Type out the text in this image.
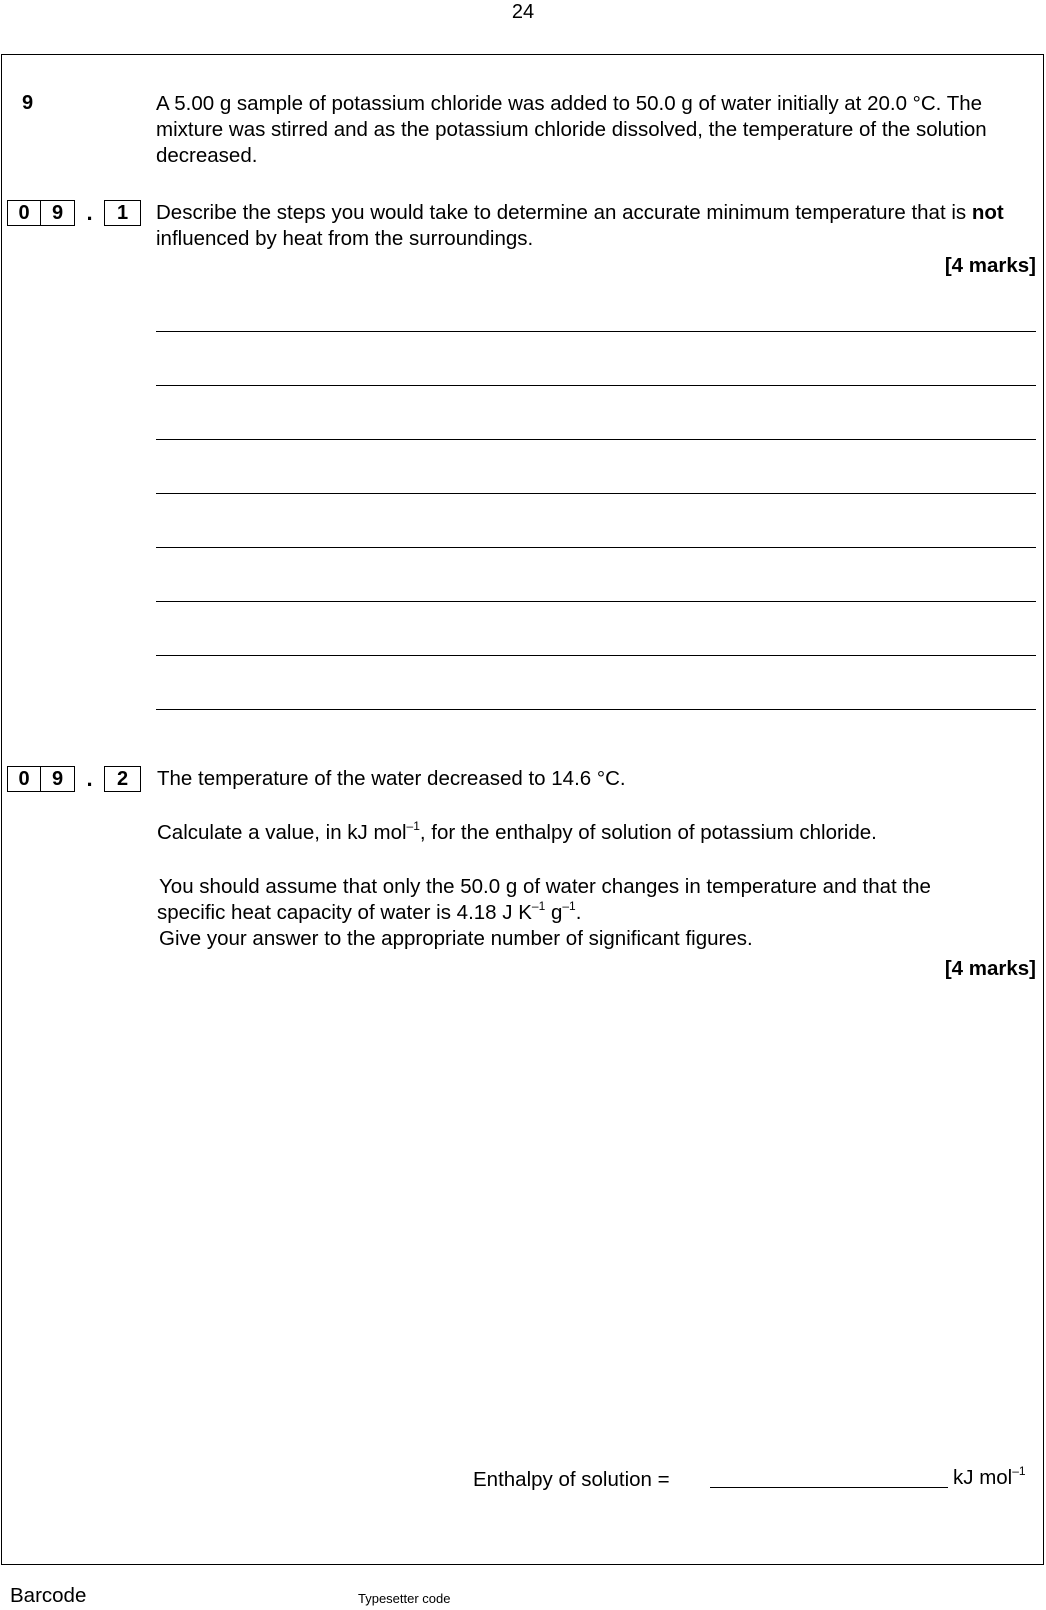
24
9	A 5.00 g sample of potassium chloride was added to 50.0 g of water initially at 20.0 °C. The mixture was stirred and as the potassium chloride dissolved, the temperature of the solution decreased.
0	9	.	1	Describe the steps you would take to determine an accurate minimum temperature that is not influenced by heat from the surroundings.
[4 marks]
0	9	.	2	The temperature of the water decreased to 14.6 °C.
Calculate a value, in kJ mol$^{-1}$, for the enthalpy of solution of potassium chloride.
You should assume that only the 50.0 g of water changes in temperature and that the
specific heat capacity of water is 4.18 J $K^{-1}$ $g^{-1}$.
Give your answer to the appropriate number of significant figures.
[4 marks]
Enthalpy of solution =	kJ mol$^{-1}$
Barcode	Typesetter code
